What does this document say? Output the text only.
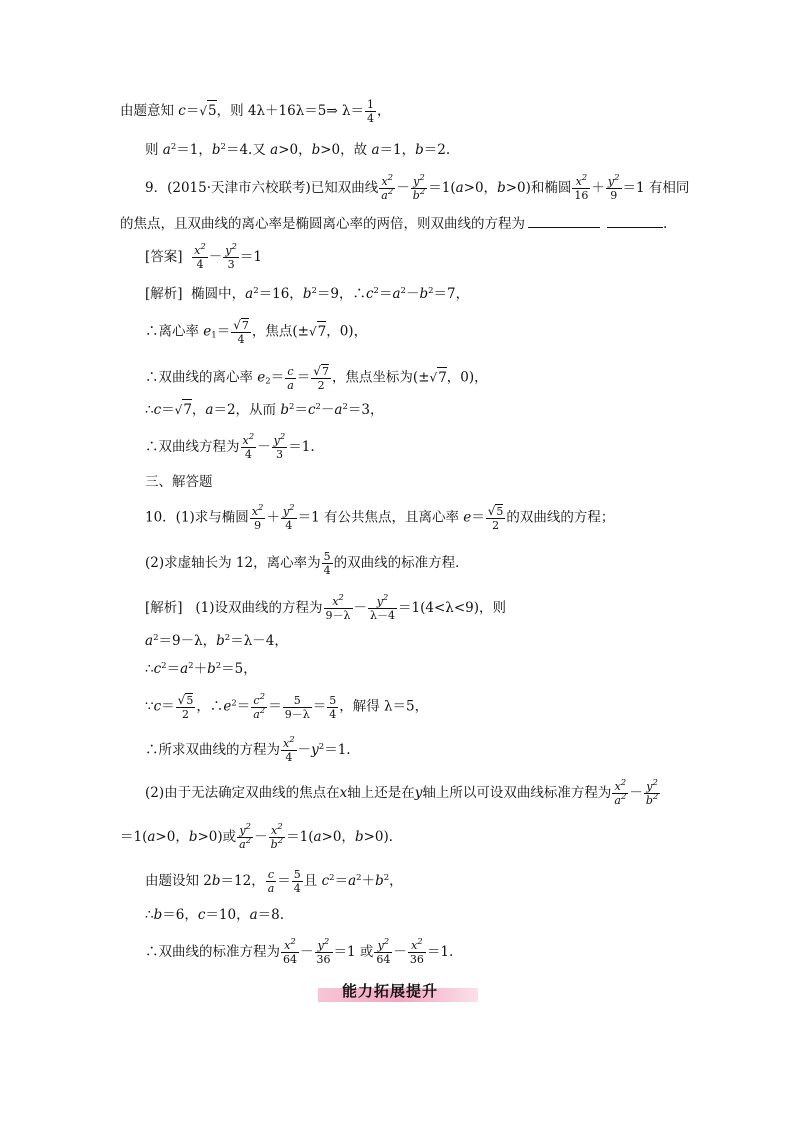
由题意知 c＝√5，则 4λ＋16λ＝5⇒ $\lambda= \frac{1}{4}$ ，
则 $a^2=1$，$b^2=4$.又 a>0，b>0，故 a＝1，b＝2.
9．(2015·天津市六校联考)已知双曲线 $\frac{x^2}{a^2} - \frac{y^2}{b^2} =1(a>0$，b>0)和椭圆 $\frac{x^2}{16} + \frac{y^2}{9} =1$ 有相同
的焦点，且双曲线的离心率是椭圆离心率的两倍，则双曲线的方程为	.
[答案] $\frac{x^2}{4} - \frac{y^2}{3} =1$
[解析]  椭圆中，$a^2=16$，$b^2=9$，$\therefore c^2=a^2-b^2=7$，
∴离心率 $e_1= \frac{√7}{4}$ ，焦点(±√7，0)，
∴双曲线的离心率 $e_2= \frac{c}{a} = \frac{√7}{2}$ ，焦点坐标为(±√7，0)，
∴c＝√7，a＝2，从而 $b^2=c^2-a^2=3$，
∴双曲线方程为 $\frac{x^2}{4} - \frac{y^2}{3} =1$.
三、解答题
10．(1)求与椭圆 $\frac{x^2}{9} + \frac{y^2}{4} =1$ 有公共焦点，且离心率 $e= \frac{√5}{2}$ 的双曲线的方程；
(2)求虚轴长为 12，离心率为 $\frac{5}{4}$ 的双曲线的标准方程．
[解析]   (1)设双曲线的方程为 $\frac{x^2}{9-\lambda} - \frac{y^2}{\lambda-4} =1(4<\lambda<9)$，则
$a^2=9-\lambda$，$b^2=\lambda-4$，
$\therefore c^2=a^2+b^2=5$，
∵c＝ $\frac{√5}{2}$ ，$\therefore e^2= \frac{c^2}{a^2} = \frac{5}{9-\lambda} = \frac{5}{4}$ ，解得 λ＝5，
∴所求双曲线的方程为 $\frac{x^2}{4} -y^2=1$.
(2)由于无法确定双曲线的焦点在x轴上还是在y轴上所以可设双曲线标准方程为 $\frac{x^2}{a^2} - \frac{y^2}{b^2}$
＝1(a>0，b>0)或 $\frac{y^2}{a^2} - \frac{x^2}{b^2} =1(a>0$，b>0)．
由题设知 2b＝12， $\frac{c}{a} = \frac{5}{4}$ 且 $c^2=a^2+b^2$，
∴b＝6，c＝10，a＝8.
∴双曲线的标准方程为 $\frac{x^2}{64} - \frac{y^2}{36} =1$ 或 $\frac{y^2}{64} - \frac{x^2}{36} =1$.
能力拓展提升
